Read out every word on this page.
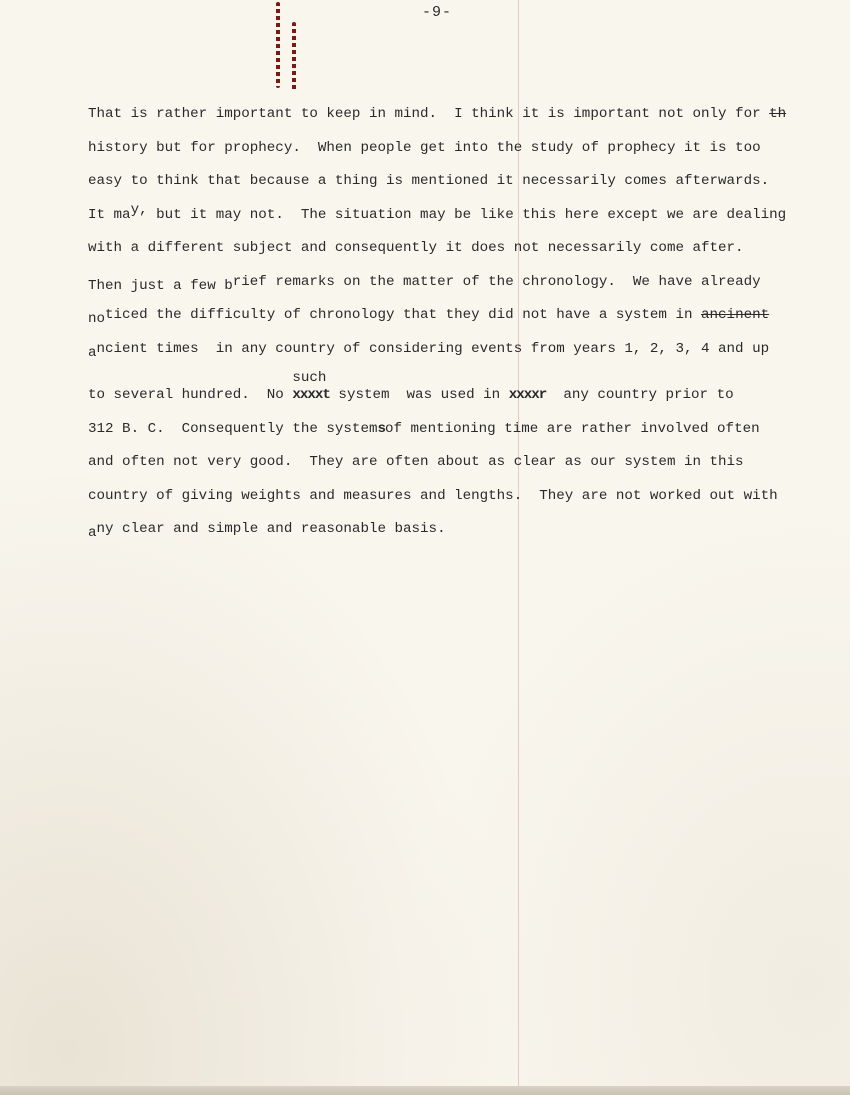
-9-
That is rather important to keep in mind.  I think it is important not only for th
history but for prophecy.  When people get into the study of prophecy it is too
easy to think that because a thing is mentioned it necessarily comes afterwards.
It may, but it may not.  The situation may be like this here except we are dealing
with a different subject and consequently it does not necessarily come after.
Then just a few brief remarks on the matter of the chronology.  We have already
noticed the difficulty of chronology that they did not have a system in ancinent
ancient times  in any country of considering events from years 1, 2, 3, 4 and up
such
to several hundred.  No xxxxt system  was used in xxxxr  any country prior to
312 B. C.  Consequently the systemsof mentioning time are rather involved often
and often not very good.  They are often about as clear as our system in this
country of giving weights and measures and lengths.  They are not worked out with
any clear and simple and reasonable basis.
